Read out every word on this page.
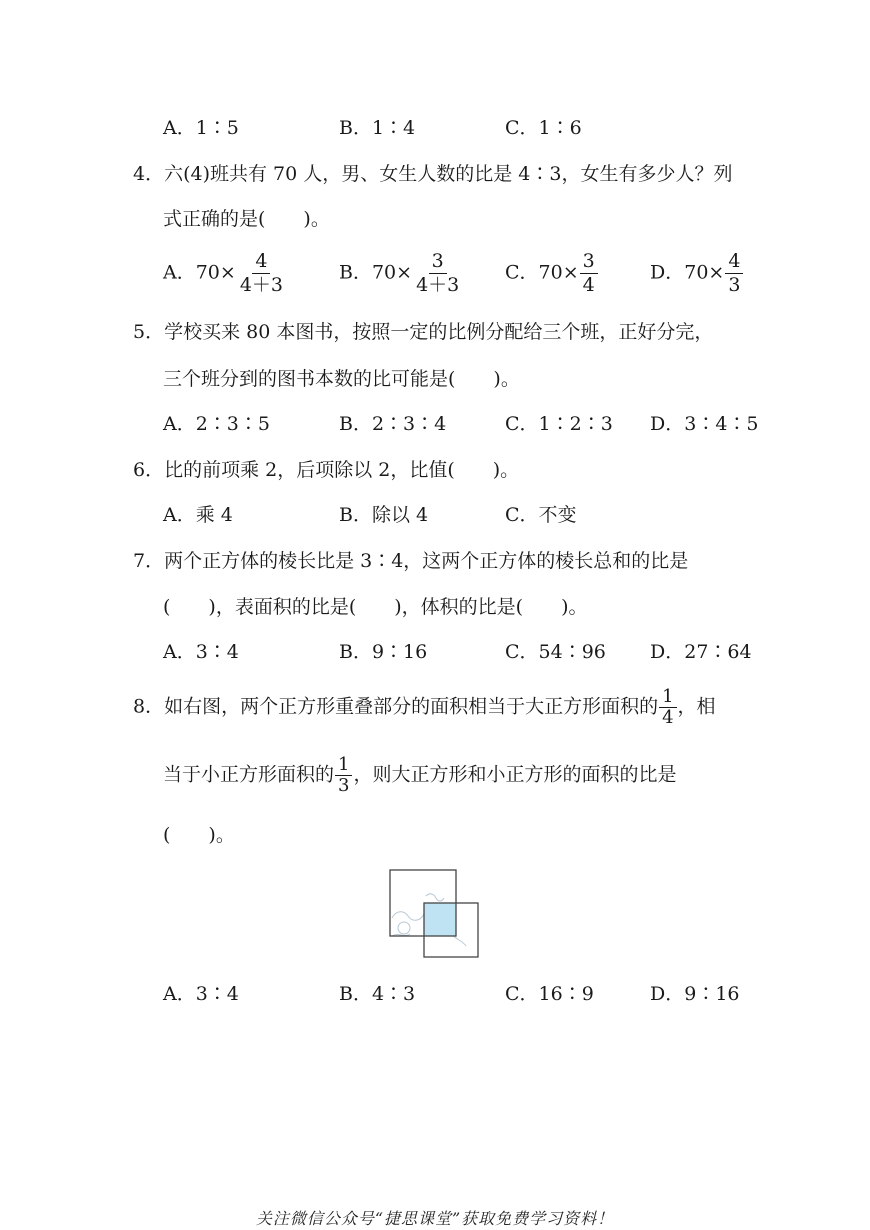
A．1∶5	B．1∶4	C．1∶6
4．六(4)班共有 70 人，男、女生人数的比是 4∶3，女生有多少人？列
式正确的是(　　)。
A．$70\times \frac{4}{4+3}$	B．$70\times \frac{3}{4+3}$ C．$70\times \frac{3}{4}$	D．$70\times \frac{4}{3}$
5．学校买来 80 本图书，按照一定的比例分配给三个班，正好分完，
三个班分到的图书本数的比可能是(　　)。
A．2∶3∶5	B．2∶3∶4	C．1∶2∶3 D．3∶4∶5
6．比的前项乘 2，后项除以 2，比值(　　)。
A．乘 4	B．除以 4	C．不变
7．两个正方体的棱长比是 3∶4，这两个正方体的棱长总和的比是
(　　)，表面积的比是(　　)，体积的比是(　　)。
A．3∶4	B．9∶16	C．54∶96 D．27∶64
8．如右图，两个正方形重叠部分的面积相当于大正方形面积的 $\frac{1}{4}$ ，相
当于小正方形面积的 $\frac{1}{3}$ ，则大正方形和小正方形的面积的比是
(　　)。
A．3∶4	B．4∶3	C．16∶9	D．9∶16
关注微信公众号“捷思课堂”获取免费学习资料！
